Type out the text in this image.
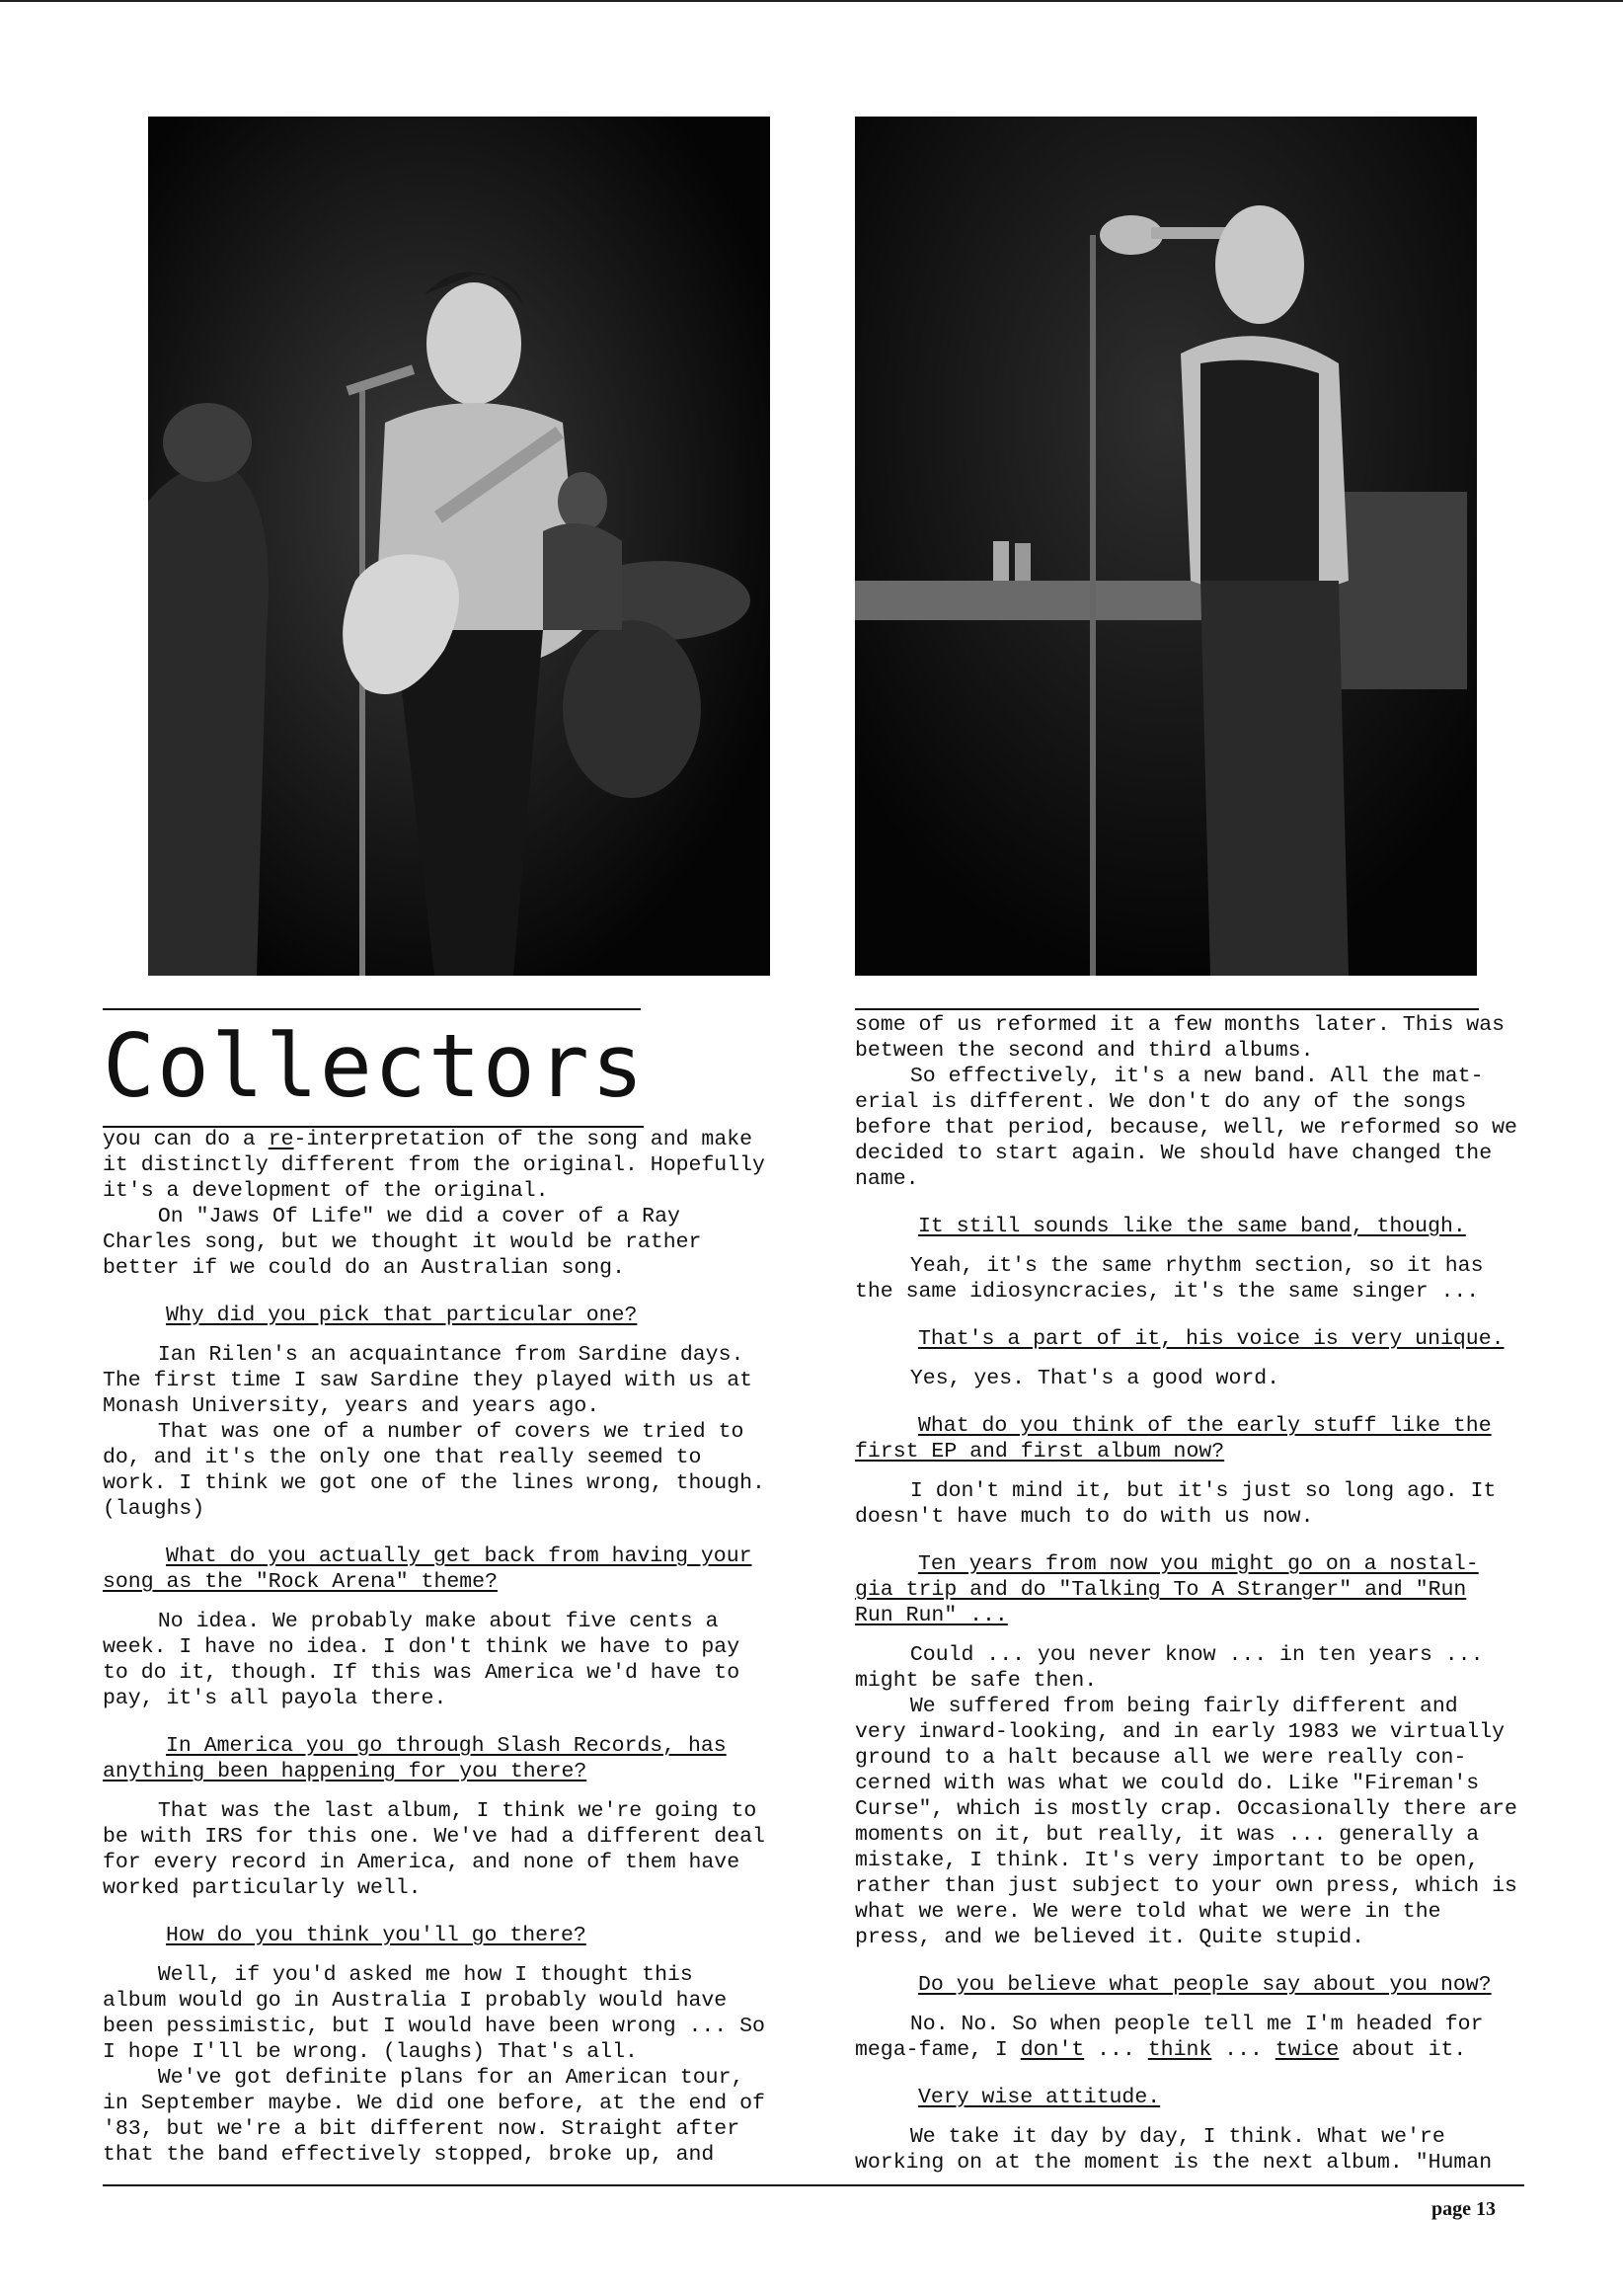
Collectors

you can do a re-interpretation of the song and make

it distinctly different from the original. Hopefully

it's a development of the original.

On "Jaws Of Life" we did a cover of a Ray

Charles song, but we thought it would be rather

better if we could do an Australian song.

Why did you pick that particular one?

Ian Rilen's an acquaintance from Sardine days.

The first time I saw Sardine they played with us at

Monash University, years and years ago.

That was one of a number of covers we tried to

do, and it's the only one that really seemed to

work. I think we got one of the lines wrong, though.

(laughs)

What do you actually get back from having your

song as the "Rock Arena" theme?

No idea. We probably make about five cents a

week. I have no idea. I don't think we have to pay

to do it, though. If this was America we'd have to

pay, it's all payola there.

In America you go through Slash Records, has

anything been happening for you there?

That was the last album, I think we're going to

be with IRS for this one. We've had a different deal

for every record in America, and none of them have

worked particularly well.

How do you think you'll go there?

Well, if you'd asked me how I thought this

album would go in Australia I probably would have

been pessimistic, but I would have been wrong ... So

I hope I'll be wrong. (laughs) That's all.

We've got definite plans for an American tour,

in September maybe. We did one before, at the end of

'83, but we're a bit different now. Straight after

that the band effectively stopped, broke up, and

some of us reformed it a few months later. This was

between the second and third albums.

So effectively, it's a new band. All the mat-

erial is different. We don't do any of the songs

before that period, because, well, we reformed so we

decided to start again. We should have changed the

name.

It still sounds like the same band, though.

Yeah, it's the same rhythm section, so it has

the same idiosyncracies, it's the same singer ...

That's a part of it, his voice is very unique.

Yes, yes. That's a good word.

What do you think of the early stuff like the

first EP and first album now?

I don't mind it, but it's just so long ago. It

doesn't have much to do with us now.

Ten years from now you might go on a nostal-

gia trip and do "Talking To A Stranger" and "Run

Run Run" ...

Could ... you never know ... in ten years ...

might be safe then.

We suffered from being fairly different and

very inward-looking, and in early 1983 we virtually

ground to a halt because all we were really con-

cerned with was what we could do. Like "Fireman's

Curse", which is mostly crap. Occasionally there are

moments on it, but really, it was ... generally a

mistake, I think. It's very important to be open,

rather than just subject to your own press, which is

what we were. We were told what we were in the

press, and we believed it. Quite stupid.

Do you believe what people say about you now?

No. No. So when people tell me I'm headed for

mega-fame, I don't ... think ... twice about it.

Very wise attitude.

We take it day by day, I think. What we're

working on at the moment is the next album. "Human

page 13
